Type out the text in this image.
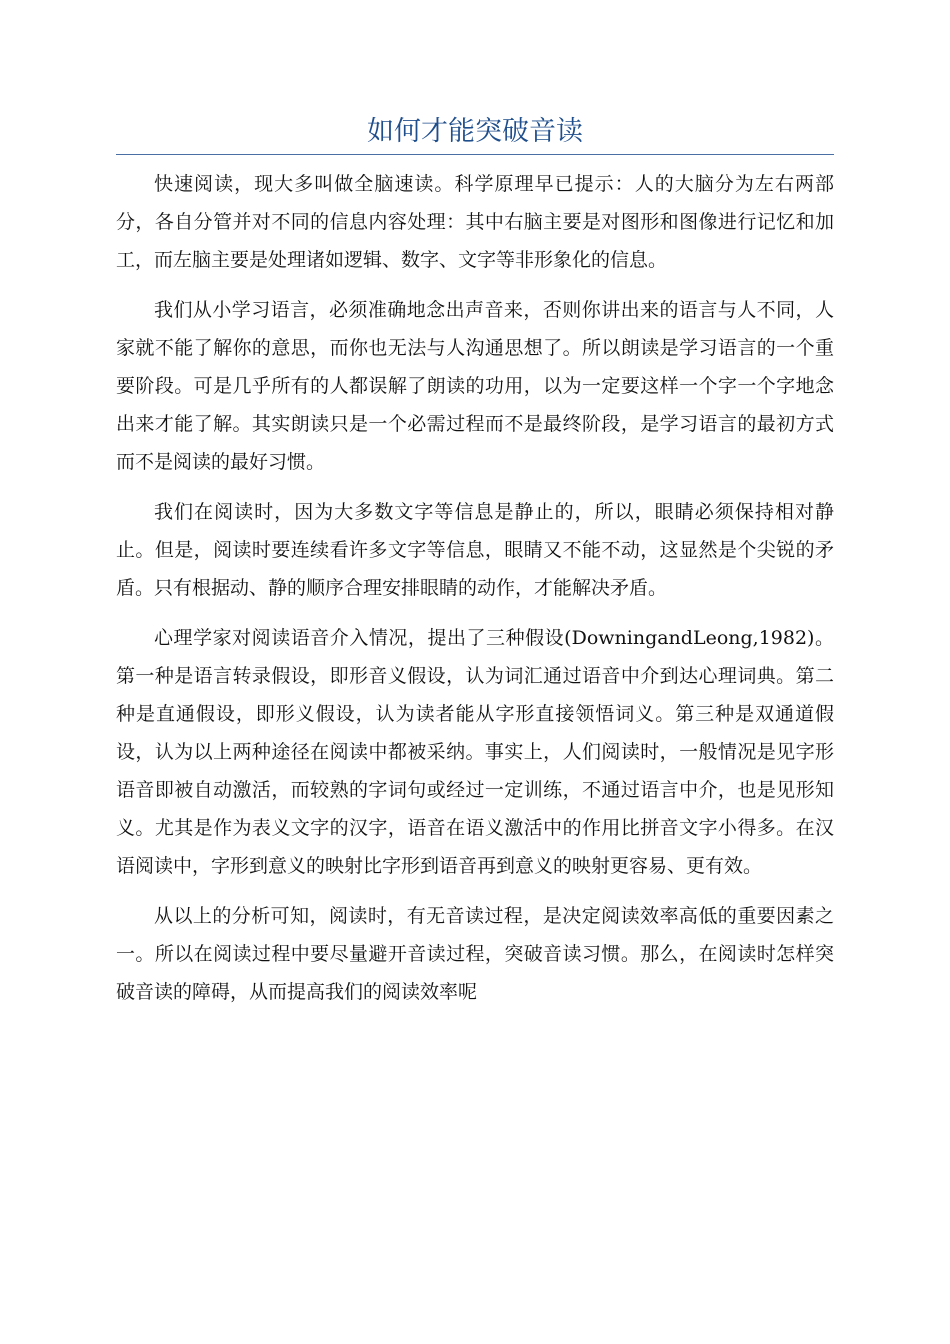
如何才能突破音读

快速阅读，现大多叫做全脑速读。科学原理早已提示：人的大脑分为左右两部分，各自分管并对不同的信息内容处理：其中右脑主要是对图形和图像进行记忆和加工，而左脑主要是处理诸如逻辑、数字、文字等非形象化的信息。

我们从小学习语言，必须准确地念出声音来，否则你讲出来的语言与人不同，人家就不能了解你的意思，而你也无法与人沟通思想了。所以朗读是学习语言的一个重要阶段。可是几乎所有的人都误解了朗读的功用，以为一定要这样一个字一个字地念出来才能了解。其实朗读只是一个必需过程而不是最终阶段，是学习语言的最初方式而不是阅读的最好习惯。

我们在阅读时，因为大多数文字等信息是静止的，所以，眼睛必须保持相对静止。但是，阅读时要连续看许多文字等信息，眼睛又不能不动，这显然是个尖锐的矛盾。只有根据动、静的顺序合理安排眼睛的动作，才能解决矛盾。

心理学家对阅读语音介入情况，提出了三种假设(DowningandLeong,1982)。第一种是语言转录假设，即形音义假设，认为词汇通过语音中介到达心理词典。第二种是直通假设，即形义假设，认为读者能从字形直接领悟词义。第三种是双通道假设，认为以上两种途径在阅读中都被采纳。事实上，人们阅读时，一般情况是见字形语音即被自动激活，而较熟的字词句或经过一定训练，不通过语言中介，也是见形知义。尤其是作为表义文字的汉字，语音在语义激活中的作用比拼音文字小得多。在汉语阅读中，字形到意义的映射比字形到语音再到意义的映射更容易、更有效。

从以上的分析可知，阅读时，有无音读过程，是决定阅读效率高低的重要因素之一。所以在阅读过程中要尽量避开音读过程，突破音读习惯。那么，在阅读时怎样突破音读的障碍，从而提高我们的阅读效率呢
